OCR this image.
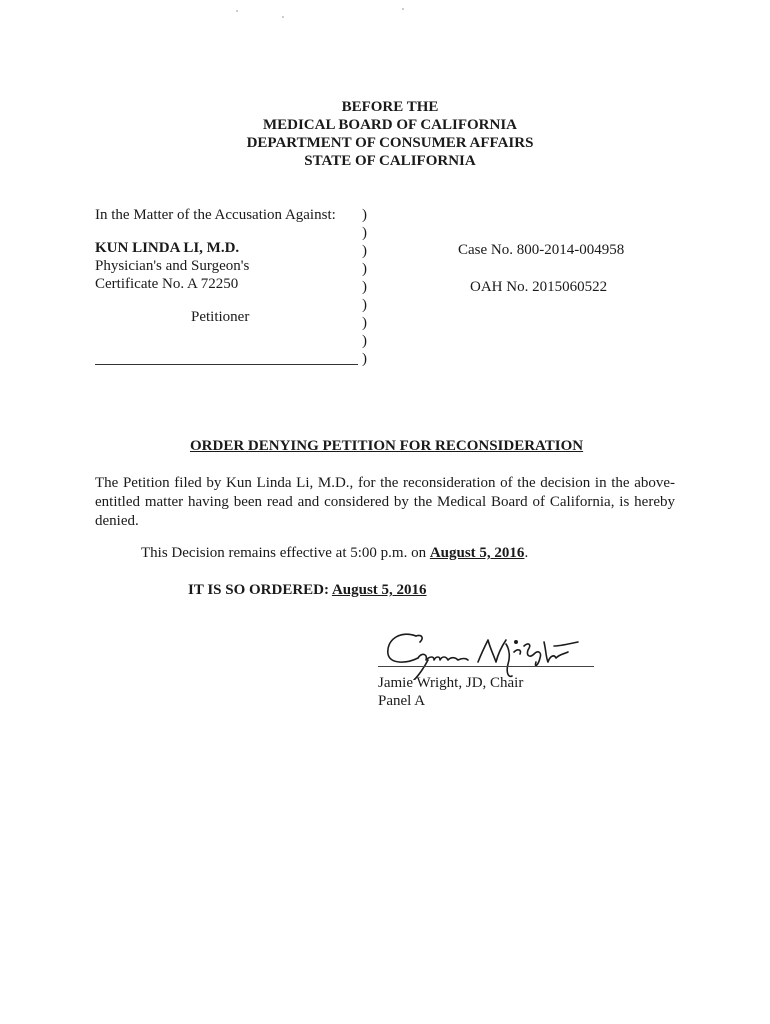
BEFORE THE
MEDICAL BOARD OF CALIFORNIA
DEPARTMENT OF CONSUMER AFFAIRS
STATE OF CALIFORNIA
In the Matter of the Accusation Against:
KUN LINDA LI, M.D.
Physician's and Surgeon's
Certificate No. A 72250
Petitioner
)
)
)
)
)
)
)
)
)
Case No. 800-2014-004958
OAH No. 2015060522
ORDER DENYING PETITION FOR RECONSIDERATION
The Petition filed by Kun Linda Li, M.D., for the reconsideration of the decision in the above-entitled matter having been read and considered by the Medical Board of California, is hereby denied.
This Decision remains effective at 5:00 p.m. on August 5, 2016.
IT IS SO ORDERED: August 5, 2016
Jamie Wright, JD, Chair
Panel A
